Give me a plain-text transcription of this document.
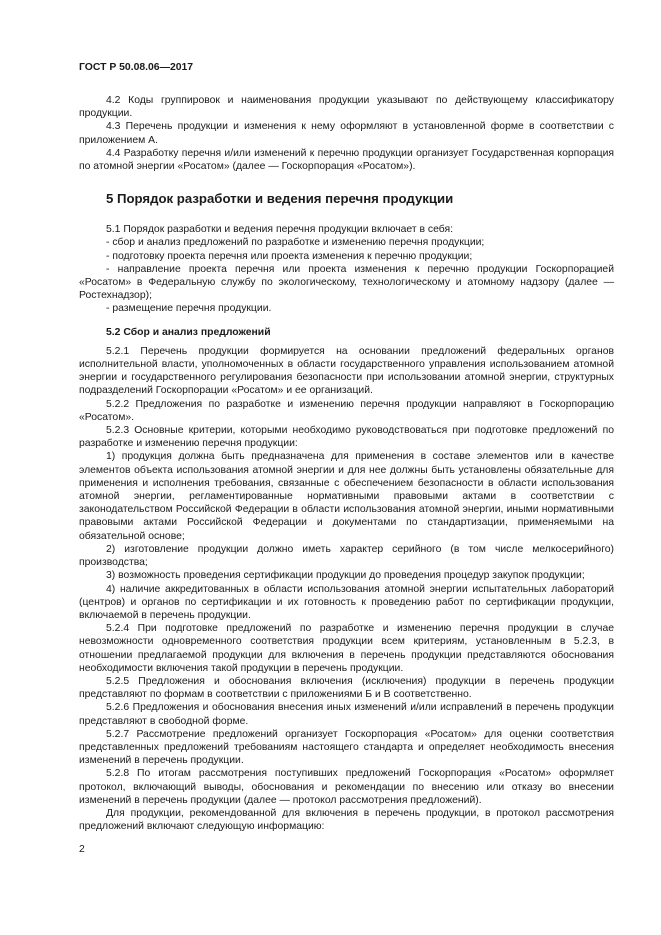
ГОСТ Р 50.08.06—2017

4.2 Коды группировок и наименования продукции указывают по действующему классификатору продукции.

4.3 Перечень продукции и изменения к нему оформляют в установленной форме в соответствии с приложением А.

4.4 Разработку перечня и/или изменений к перечню продукции организует Государственная корпорация по атомной энергии «Росатом» (далее — Госкорпорация «Росатом»).

5 Порядок разработки и ведения перечня продукции

5.1 Порядок разработки и ведения перечня продукции включает в себя:

- сбор и анализ предложений по разработке и изменению перечня продукции;

- подготовку проекта перечня или проекта изменения к перечню продукции;

- направление проекта перечня или проекта изменения к перечню продукции Госкорпорацией «Росатом» в Федеральную службу по экологическому, технологическому и атомному надзору (далее — Ростехнадзор);

- размещение перечня продукции.

5.2 Сбор и анализ предложений

5.2.1 Перечень продукции формируется на основании предложений федеральных органов исполнительной власти, уполномоченных в области государственного управления использованием атомной энергии и государственного регулирования безопасности при использовании атомной энергии, структурных подразделений Госкорпорации «Росатом» и ее организаций.

5.2.2 Предложения по разработке и изменению перечня продукции направляют в Госкорпорацию «Росатом».

5.2.3 Основные критерии, которыми необходимо руководствоваться при подготовке предложений по разработке и изменению перечня продукции:

1) продукция должна быть предназначена для применения в составе элементов или в качестве элементов объекта использования атомной энергии и для нее должны быть установлены обязательные для применения и исполнения требования, связанные с обеспечением безопасности в области использования атомной энергии, регламентированные нормативными правовыми актами в соответствии с законодательством Российской Федерации в области использования атомной энергии, иными нормативными правовыми актами Российской Федерации и документами по стандартизации, применяемыми на обязательной основе;

2) изготовление продукции должно иметь характер серийного (в том числе мелкосерийного) производства;

3) возможность проведения сертификации продукции до проведения процедур закупок продукции;

4) наличие аккредитованных в области использования атомной энергии испытательных лабораторий (центров) и органов по сертификации и их готовность к проведению работ по сертификации продукции, включаемой в перечень продукции.

5.2.4 При подготовке предложений по разработке и изменению перечня продукции в случае невозможности одновременного соответствия продукции всем критериям, установленным в 5.2.3, в отношении предлагаемой продукции для включения в перечень продукции представляются обоснования необходимости включения такой продукции в перечень продукции.

5.2.5 Предложения и обоснования включения (исключения) продукции в перечень продукции представляют по формам в соответствии с приложениями Б и В соответственно.

5.2.6 Предложения и обоснования внесения иных изменений и/или исправлений в перечень продукции представляют в свободной форме.

5.2.7 Рассмотрение предложений организует Госкорпорация «Росатом» для оценки соответствия представленных предложений требованиям настоящего стандарта и определяет необходимость внесения изменений в перечень продукции.

5.2.8 По итогам рассмотрения поступивших предложений Госкорпорация «Росатом» оформляет протокол, включающий выводы, обоснования и рекомендации по внесению или отказу во внесении изменений в перечень продукции (далее — протокол рассмотрения предложений).

Для продукции, рекомендованной для включения в перечень продукции, в протокол рассмотрения предложений включают следующую информацию:

2
